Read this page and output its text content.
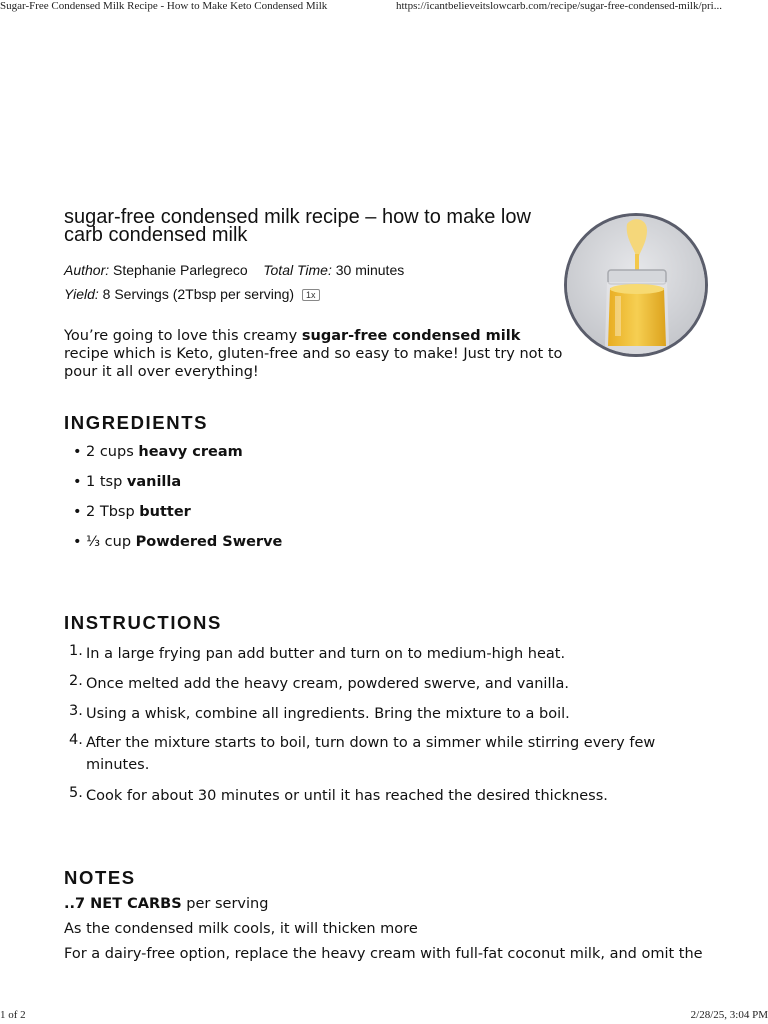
Sugar-Free Condensed Milk Recipe - How to Make Keto Condensed Milk	https://icantbelieveitslowcarb.com/recipe/sugar-free-condensed-milk/pri...
sugar-free condensed milk recipe – how to make low carb condensed milk
Author: Stephanie Parlegreco Total Time: 30 minutes
Yield: 8 Servings (2Tbsp per serving) 1x

You’re going to love this creamy sugar-free condensed milk recipe which is Keto, gluten-free and so easy to make! Just try not to pour it all over everything!

INGREDIENTS
• 2 cups heavy cream
• 1 tsp vanilla
• 2 Tbsp butter
• ⅓ cup Powdered Swerve
INSTRUCTIONS
1. In a large frying pan add butter and turn on to medium-high heat.
2. Once melted add the heavy cream, powdered swerve, and vanilla.
3. Using a whisk, combine all ingredients. Bring the mixture to a boil.
4. After the mixture starts to boil, turn down to a simmer while stirring every few minutes.
5. Cook for about 30 minutes or until it has reached the desired thickness.
NOTES
..7 NET CARBS per serving
As the condensed milk cools, it will thicken more
For a dairy-free option, replace the heavy cream with full-fat coconut milk, and omit the
1 of 2	2/28/25, 3:04 PM
